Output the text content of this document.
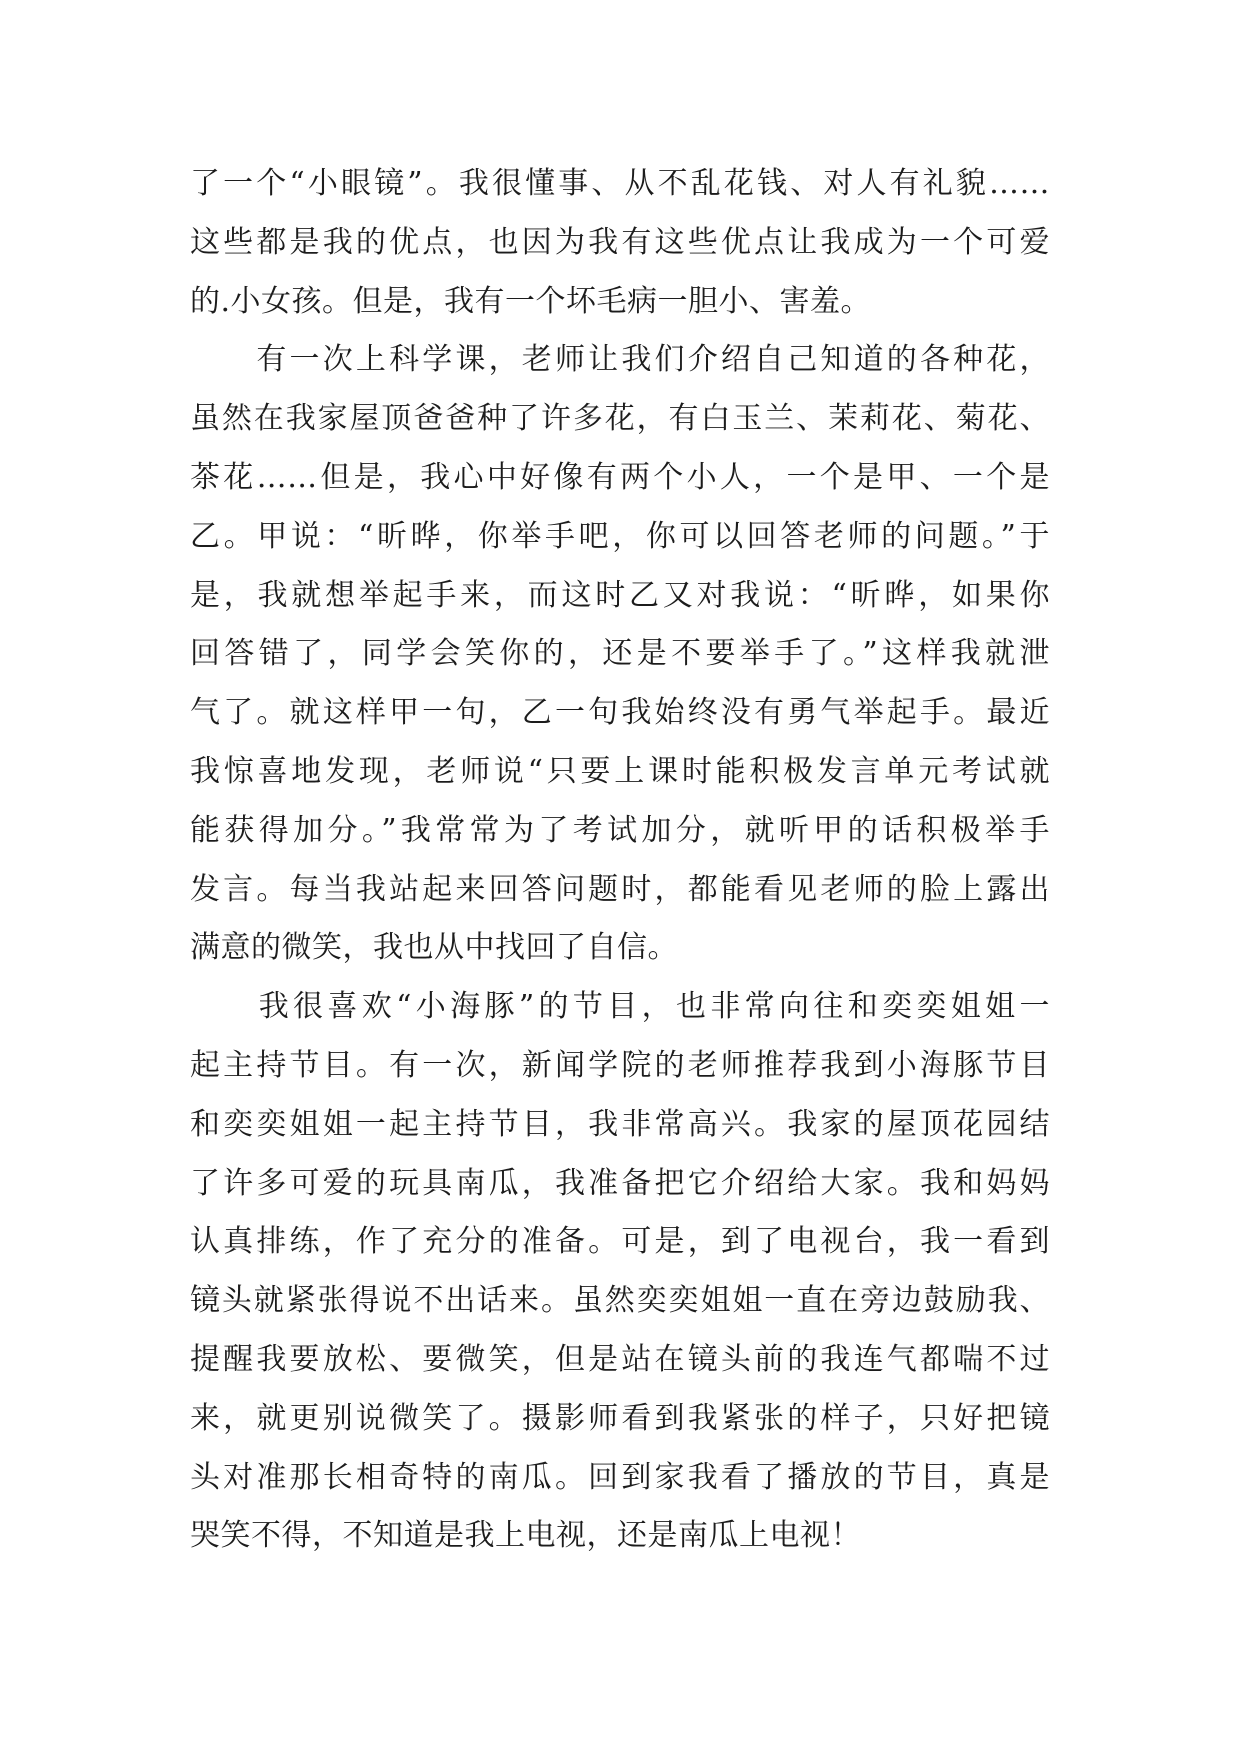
了一个“小眼镜”。我很懂事、从不乱花钱、对人有礼貌……
这些都是我的优点，也因为我有这些优点让我成为一个可爱
的.小女孩。但是，我有一个坏毛病一胆小、害羞。
　　有一次上科学课，老师让我们介绍自己知道的各种花，
虽然在我家屋顶爸爸种了许多花，有白玉兰、茉莉花、菊花、
茶花……但是，我心中好像有两个小人，一个是甲、一个是
乙。甲说：“昕晔，你举手吧，你可以回答老师的问题。”于
是，我就想举起手来，而这时乙又对我说：“昕晔，如果你
回答错了，同学会笑你的，还是不要举手了。”这样我就泄
气了。就这样甲一句，乙一句我始终没有勇气举起手。最近
我惊喜地发现，老师说“只要上课时能积极发言单元考试就
能获得加分。”我常常为了考试加分，就听甲的话积极举手
发言。每当我站起来回答问题时，都能看见老师的脸上露出
满意的微笑，我也从中找回了自信。
　　我很喜欢“小海豚”的节目，也非常向往和奕奕姐姐一
起主持节目。有一次，新闻学院的老师推荐我到小海豚节目
和奕奕姐姐一起主持节目，我非常高兴。我家的屋顶花园结
了许多可爱的玩具南瓜，我准备把它介绍给大家。我和妈妈
认真排练，作了充分的准备。可是，到了电视台，我一看到
镜头就紧张得说不出话来。虽然奕奕姐姐一直在旁边鼓励我、
提醒我要放松、要微笑，但是站在镜头前的我连气都喘不过
来，就更别说微笑了。摄影师看到我紧张的样子，只好把镜
头对准那长相奇特的南瓜。回到家我看了播放的节目，真是
哭笑不得，不知道是我上电视，还是南瓜上电视！
